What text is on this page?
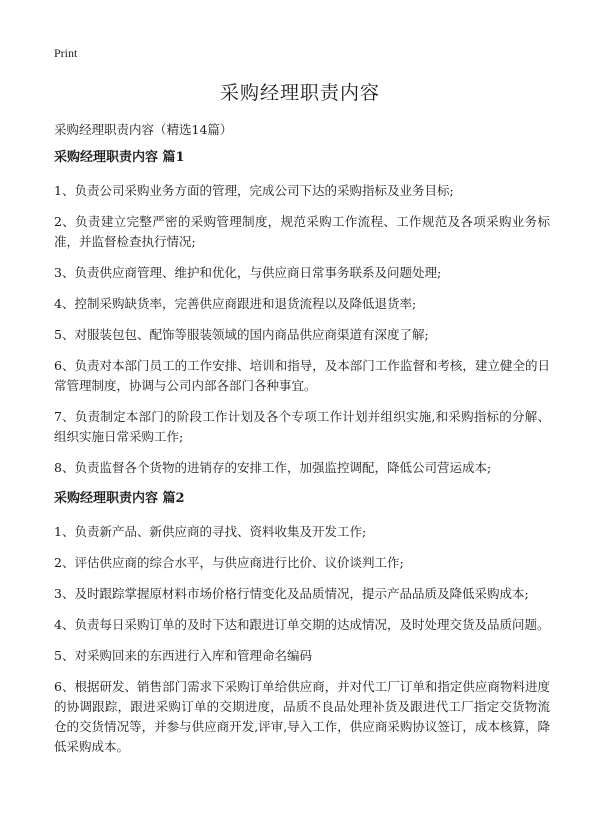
Print
采购经理职责内容

采购经理职责内容（精选14篇）

采购经理职责内容 篇1

1、负责公司采购业务方面的管理，完成公司下达的采购指标及业务目标;

2、负责建立完整严密的采购管理制度，规范采购工作流程、工作规范及各项采购业务标准，并监督检查执行情况;

3、负责供应商管理、维护和优化，与供应商日常事务联系及问题处理;

4、控制采购缺货率，完善供应商跟进和退货流程以及降低退货率;

5、对服装包包、配饰等服装领域的国内商品供应商渠道有深度了解;

6、负责对本部门员工的工作安排、培训和指导，及本部门工作监督和考核，建立健全的日常管理制度，协调与公司内部各部门各种事宜。

7、负责制定本部门的阶段工作计划及各个专项工作计划并组织实施,和采购指标的分解、组织实施日常采购工作;

8、负责监督各个货物的进销存的安排工作，加强监控调配，降低公司营运成本;

采购经理职责内容 篇2

1、负责新产品、新供应商的寻找、资料收集及开发工作;

2、评估供应商的综合水平，与供应商进行比价、议价谈判工作;

3、及时跟踪掌握原材料市场价格行情变化及品质情况，提示产品品质及降低采购成本;

4、负责每日采购订单的及时下达和跟进订单交期的达成情况，及时处理交货及品质问题。

5、对采购回来的东西进行入库和管理命名编码

6、根据研发、销售部门需求下采购订单给供应商，并对代工厂订单和指定供应商物料进度的协调跟踪，跟进采购订单的交期进度，品质不良品处理补货及跟进代工厂指定交货物流仓的交货情况等，并参与供应商开发,评审,导入工作，供应商采购协议签订，成本核算，降低采购成本。
